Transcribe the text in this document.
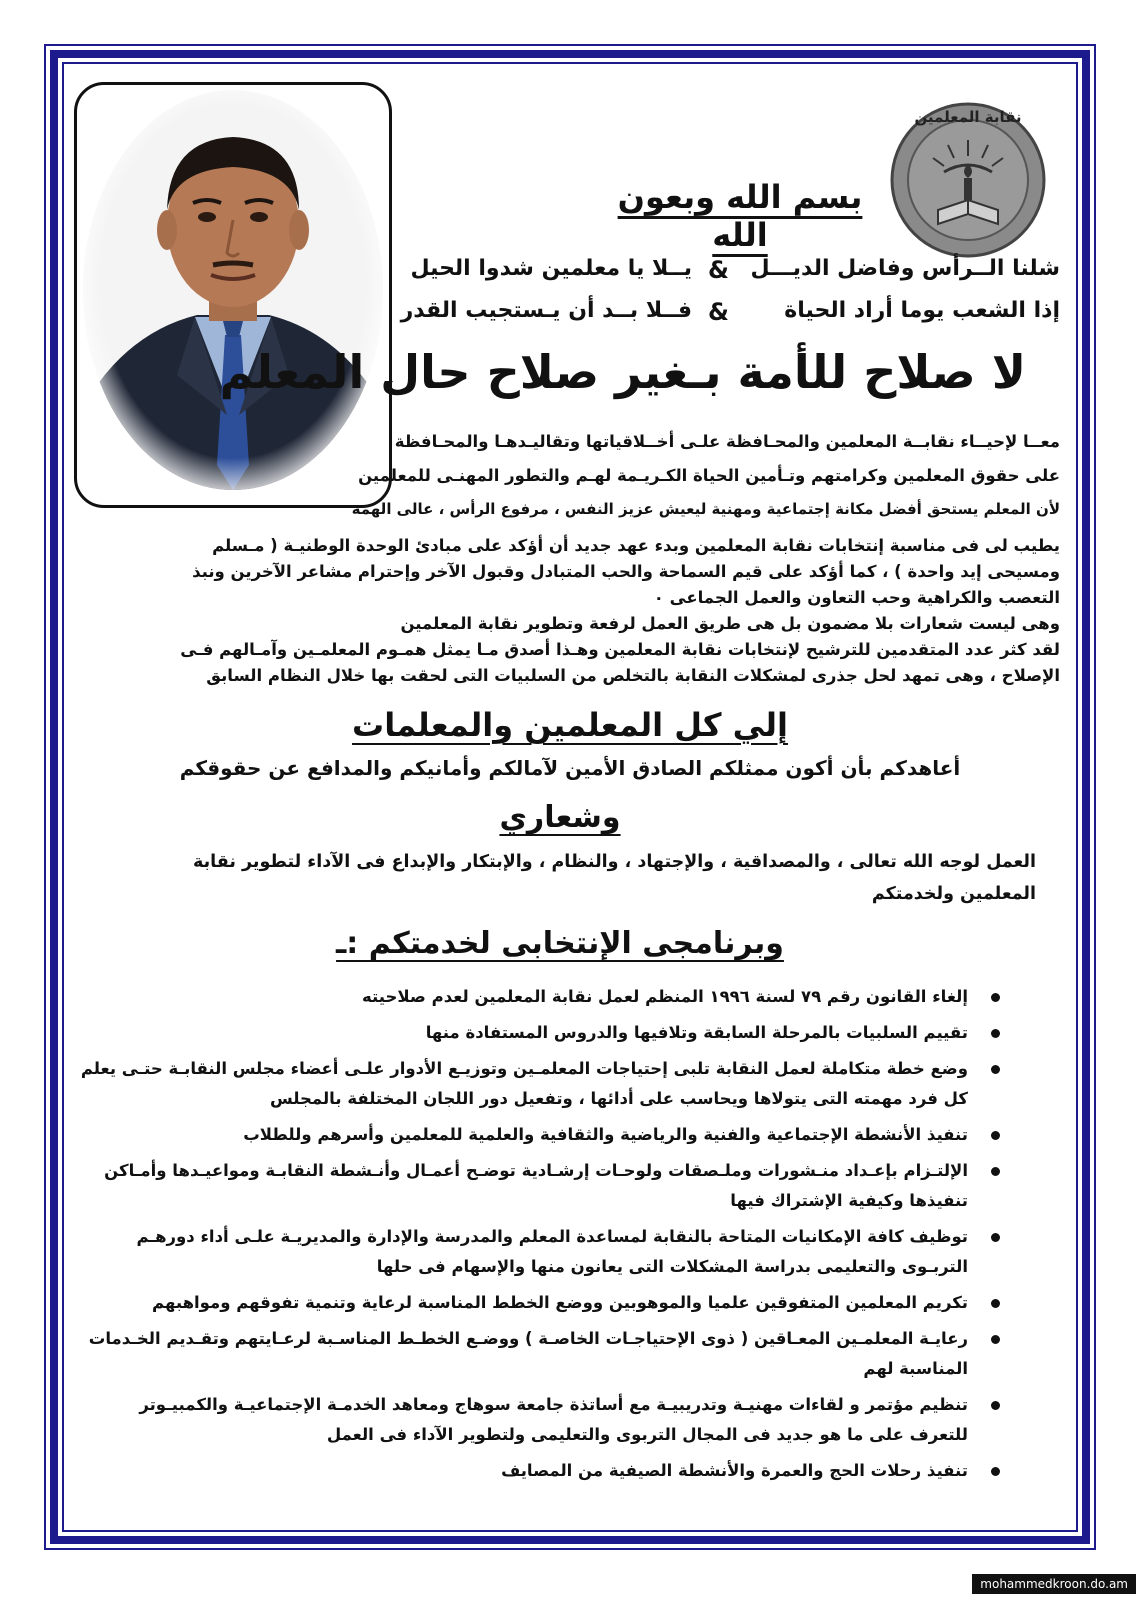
نقابة المعلمين
بسم الله وبعون الله
شلنا الــرأس وفاضل الديـــل
&
يــلا يا معلمين شدوا الحيل
إذا الشعب يوما أراد الحياة
&
فــلا بــد أن يـستجيب القدر
لا صلاح للأمة بـغير صلاح حال المعلم
معــا لإحيــاء نقابــة المعلمين والمحـافظة علـى أخــلاقياتها وتقاليـدهـا والمحـافظة
على حقوق المعلمين وكرامتهم وتـأمين الحياة الكـريـمة لهـم والتطور المهنـى للمعلمين
لأن المعلم يستحق أفضل مكانة إجتماعية ومهنية ليعيش عزيز النفس ، مرفوع الرأس ، عالى الهمة
يطيب لى فى مناسبة إنتخابات نقابة المعلمين وبدء عهد جديد أن أؤكد على مبادئ الوحدة الوطنيـة ( مـسلم
ومسيحى إيد واحدة ) ، كما أؤكد على قيم السماحة والحب المتبادل وقبول الآخر وإحترام مشاعر الآخرين ونبذ
التعصب والكراهية وحب التعاون والعمل الجماعى ٠
وهى ليست شعارات بلا مضمون بل هى طريق العمل لرفعة وتطوير نقابة المعلمين
لقد كثر عدد المتقدمين للترشيح لإنتخابات نقابة المعلمين وهـذا أصدق مـا يمثل همـوم المعلمـين وآمـالهم فـى
الإصلاح ، وهى تمهد لحل جذرى لمشكلات النقابة بالتخلص من السلبيات التى لحقت بها خلال النظام السابق
إلي كل المعلمين والمعلمات
أعاهدكم بأن أكون ممثلكم الصادق الأمين لآمالكم وأمانيكم والمدافع عن حقوقكم
وشعاري
العمل لوجه الله تعالى ، والمصداقية ، والإجتهاد ، والنظام ، والإبتكار والإبداع فى الآداء لتطوير نقابة
المعلمين ولخدمتكم
وبرنامجى الإنتخابى لخدمتكم :ـ
إلغاء القانون رقم ٧٩ لسنة ١٩٩٦ المنظم لعمل نقابة المعلمين لعدم صلاحيته
تقييم السلبيات بالمرحلة السابقة وتلافيها والدروس المستفادة منها
وضع خطة متكاملة لعمل النقابة تلبى إحتياجات المعلمـين وتوزيـع الأدوار علـى أعضاء مجلس النقابـة حتـى يعلم كل فرد مهمته التى يتولاها ويحاسب على أدائها ، وتفعيل دور اللجان المختلفة بالمجلس
تنفيذ الأنشطة الإجتماعية والفنية والرياضية والثقافية والعلمية للمعلمين وأسرهم وللطلاب
الإلتـزام بإعـداد منـشورات وملـصقات ولوحـات إرشـادية توضـح أعمـال وأنـشطة النقابـة ومواعيـدها وأمـاكن تنفيذها وكيفية الإشتراك فيها
توظيف كافة الإمكانيات المتاحة بالنقابة لمساعدة المعلم والمدرسة والإدارة والمديريـة علـى أداء دورهـم التربـوى والتعليمى بدراسة المشكلات التى يعانون منها والإسهام فى حلها
تكريم المعلمين المتفوقين علميا والموهوبين ووضع الخطط المناسبة لرعاية وتنمية تفوقهم ومواهبهم
رعايـة المعلمـين المعـاقين ( ذوى الإحتياجـات الخاصـة ) ووضـع الخطـط المناسـبة لرعـايتهم وتقـديم الخـدمات المناسبة لهم
تنظيم مؤتمر و لقاءات مهنيـة وتدريبيـة مع أساتذة جامعة سوهاج ومعاهد الخدمـة الإجتماعيـة والكمبيـوتر للتعرف على ما هو جديد فى المجال التربوى والتعليمى ولتطوير الآداء فى العمل
تنفيذ رحلات الحج والعمرة والأنشطة الصيفية من المصايف
mohammedkroon.do.am
